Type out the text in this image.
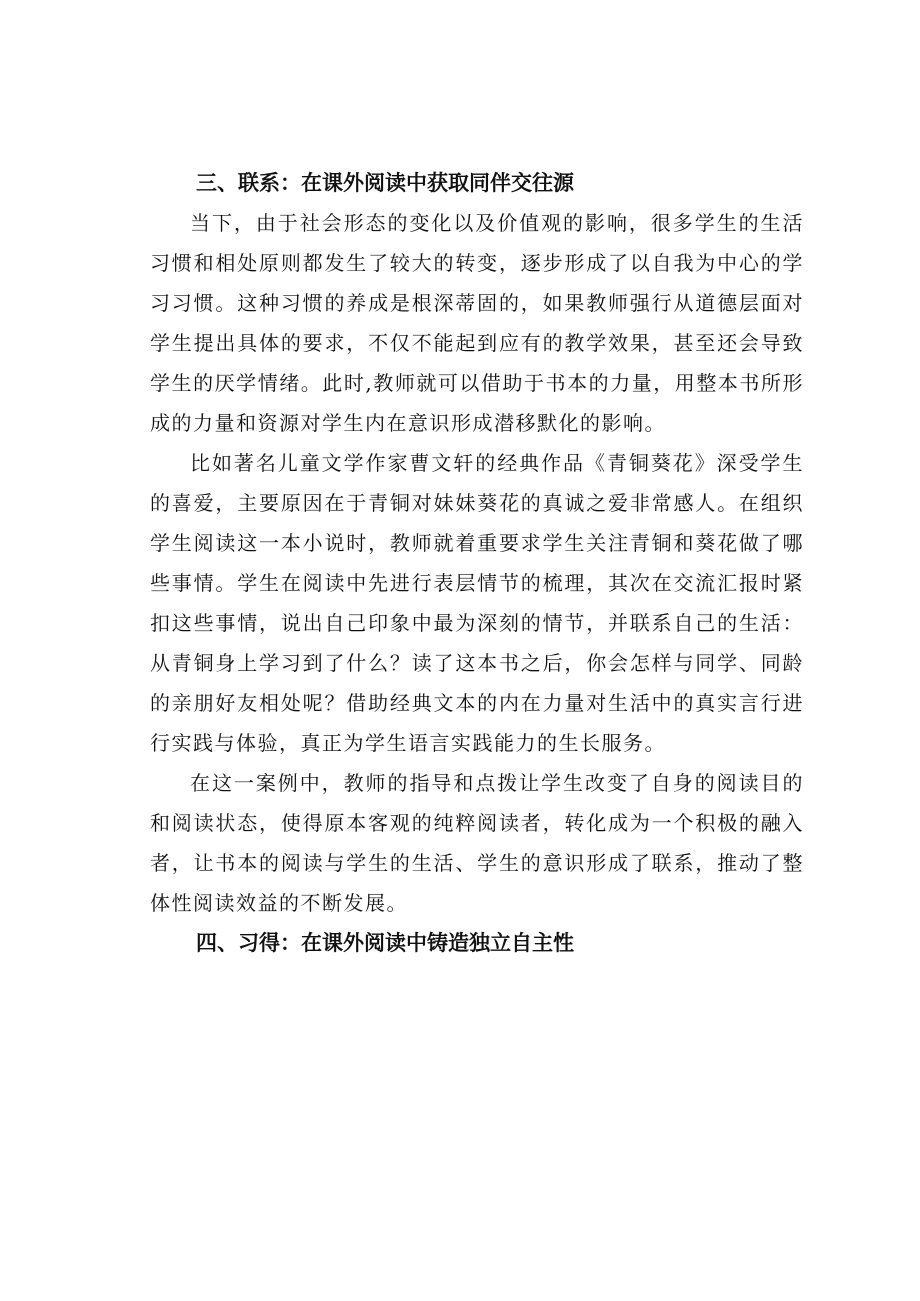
三、联系：在课外阅读中获取同伴交往源

当下，由于社会形态的变化以及价值观的影响，很多学生的生活习惯和相处原则都发生了较大的转变，逐步形成了以自我为中心的学习习惯。这种习惯的养成是根深蒂固的，如果教师强行从道德层面对学生提出具体的要求，不仅不能起到应有的教学效果，甚至还会导致学生的厌学情绪。此时,教师就可以借助于书本的力量，用整本书所形成的力量和资源对学生内在意识形成潜移默化的影响。

比如著名儿童文学作家曹文轩的经典作品《青铜葵花》深受学生的喜爱，主要原因在于青铜对妹妹葵花的真诚之爱非常感人。在组织学生阅读这一本小说时，教师就着重要求学生关注青铜和葵花做了哪些事情。学生在阅读中先进行表层情节的梳理，其次在交流汇报时紧扣这些事情，说出自己印象中最为深刻的情节，并联系自己的生活：从青铜身上学习到了什么？读了这本书之后，你会怎样与同学、同龄的亲朋好友相处呢？借助经典文本的内在力量对生活中的真实言行进行实践与体验，真正为学生语言实践能力的生长服务。

在这一案例中，教师的指导和点拨让学生改变了自身的阅读目的和阅读状态，使得原本客观的纯粹阅读者，转化成为一个积极的融入者，让书本的阅读与学生的生活、学生的意识形成了联系，推动了整体性阅读效益的不断发展。

四、习得：在课外阅读中铸造独立自主性
